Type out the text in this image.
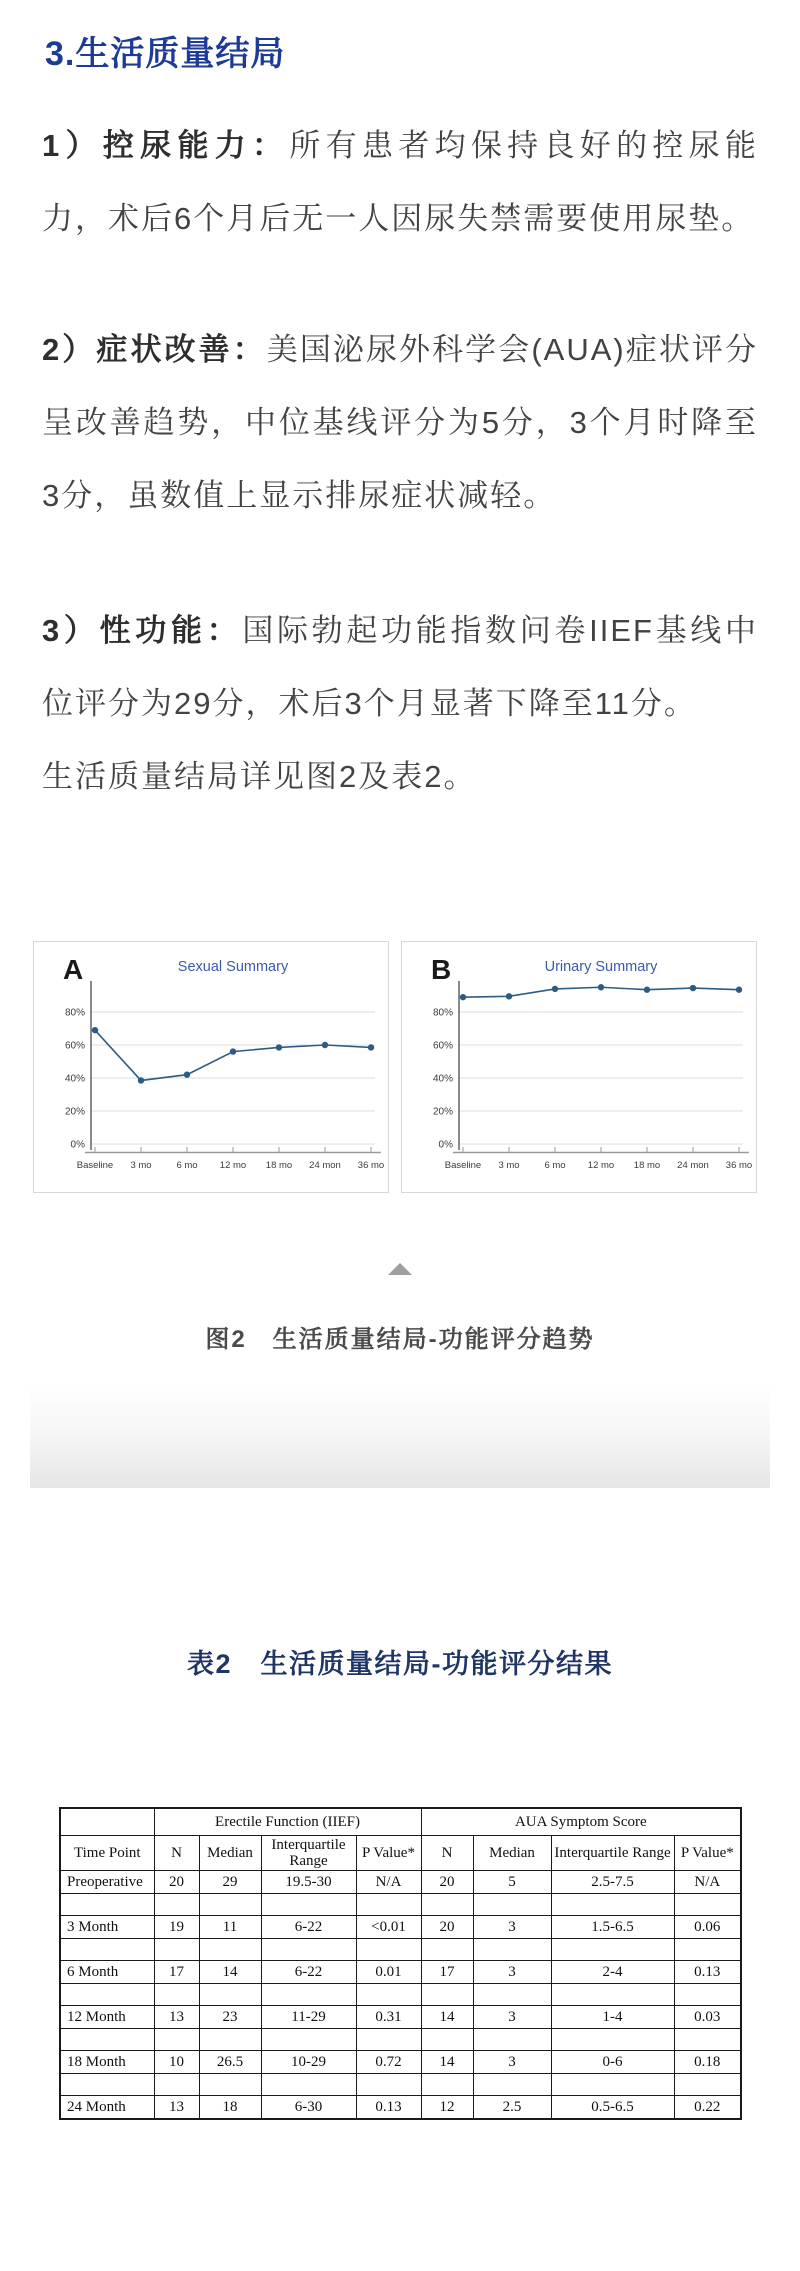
3.生活质量结局

1）控尿能力：所有患者均保持良好的控尿能力，术后6个月后无一人因尿失禁需要使用尿垫。

2）症状改善：美国泌尿外科学会(AUA)症状评分呈改善趋势，中位基线评分为5分，3个月时降至3分，虽数值上显示排尿症状减轻。

3）性功能：国际勃起功能指数问卷IIEF基线中位评分为29分，术后3个月显著下降至11分。

生活质量结局详见图2及表2。

A	Sexual Summary
0%
20%
40%
60%
80%
Baseline 3 mo	6 mo 12 mo 18 mo 24 mon 36 mo
B	Urinary Summary
0%
20%
40%
60%
80%
Baseline 3 mo	6 mo 12 mo 18 mo 24 mon 36 mo
图2　生活质量结局-功能评分趋势
表2　生活质量结局-功能评分结果
	Erectile Function (IIEF)				AUA Symptom Score			
Time Point	N	Median	Interquartile Range	P Value*	N	Median	Interquartile Range	P Value*
Preoperative	20	29	19.5-30	N/A	20	5	2.5-7.5	N/A

3 Month	19	11	6-22	<0.01	20	3	1.5-6.5	0.06

6 Month	17	14	6-22	0.01	17	3	2-4	0.13

12 Month	13	23	11-29	0.31	14	3	1-4	0.03

18 Month	10	26.5	10-29	0.72	14	3	0-6	0.18

24 Month	13	18	6-30	0.13	12	2.5	0.5-6.5	0.22
